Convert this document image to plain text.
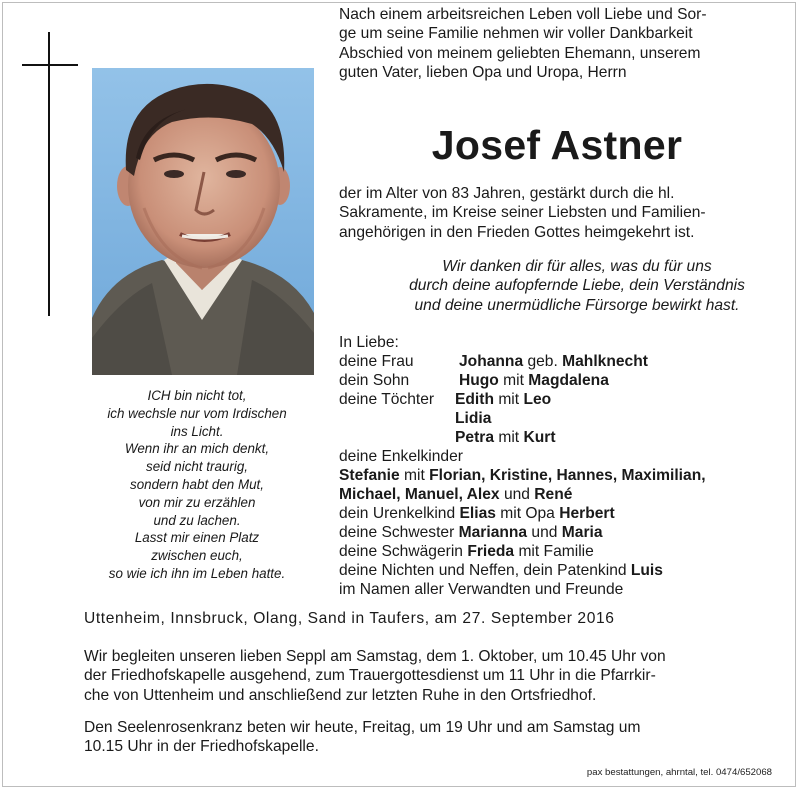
ICH bin nicht tot,
ich wechsle nur vom Irdischen
ins Licht.
Wenn ihr an mich denkt,
seid nicht traurig,
sondern habt den Mut,
von mir zu erzählen
und zu lachen.
Lasst mir einen Platz
zwischen euch,
so wie ich ihn im Leben hatte.
Nach einem arbeitsreichen Leben voll Liebe und Sor-
ge um seine Familie nehmen wir voller Dankbarkeit
Abschied von meinem geliebten Ehemann, unserem
guten Vater, lieben Opa und Uropa, Herrn
Josef Astner
der im Alter von 83 Jahren, gestärkt durch die hl.
Sakramente, im Kreise seiner Liebsten und Familien-
angehörigen in den Frieden Gottes heimgekehrt ist.
Wir danken dir für alles, was du für uns
durch deine aufopfernde Liebe, dein Verständnis
und deine unermüdliche Fürsorge bewirkt hast.
In Liebe:
deine Frau	Johanna geb. Mahlknecht
dein Sohn	Hugo mit Magdalena
deine Töchter Edith mit Leo
Lidia
Petra mit Kurt
deine Enkelkinder
Stefanie mit Florian, Kristine, Hannes, Maximilian,
Michael, Manuel, Alex und René
dein Urenkelkind Elias mit Opa Herbert
deine Schwester Marianna und Maria
deine Schwägerin Frieda mit Familie
deine Nichten und Neffen, dein Patenkind Luis
im Namen aller Verwandten und Freunde
Uttenheim, Innsbruck, Olang, Sand in Taufers, am 27. September 2016
Wir begleiten unseren lieben Seppl am Samstag, dem 1. Oktober, um 10.45 Uhr von
der Friedhofskapelle ausgehend, zum Trauergottesdienst um 11 Uhr in die Pfarrkir-
che von Uttenheim und anschließend zur letzten Ruhe in den Ortsfriedhof.
Den Seelenrosenkranz beten wir heute, Freitag, um 19 Uhr und am Samstag um
10.15 Uhr in der Friedhofskapelle.
pax bestattungen, ahrntal, tel. 0474/652068
